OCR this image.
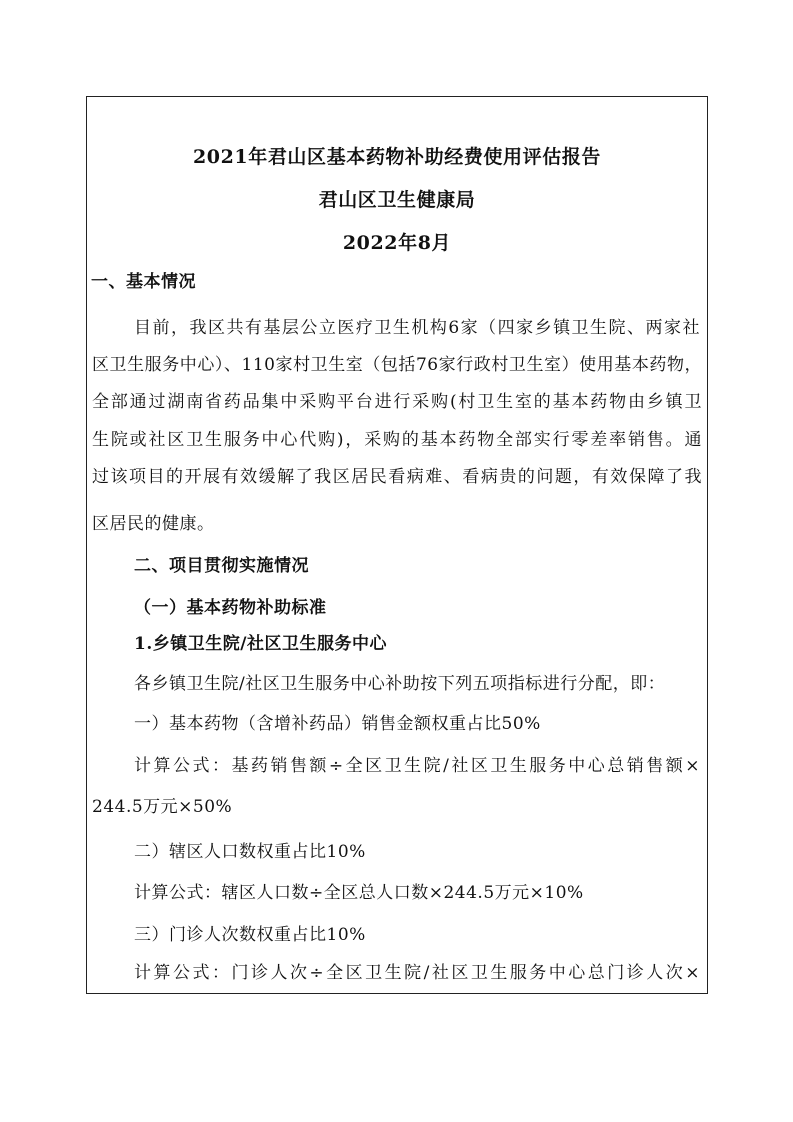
2021年君山区基本药物补助经费使用评估报告
君山区卫生健康局
2022年8月
一、基本情况
目前，我区共有基层公立医疗卫生机构6家（四家乡镇卫生院、两家社
区卫生服务中心）、110家村卫生室（包括76家行政村卫生室）使用基本药物，
全部通过湖南省药品集中采购平台进行采购(村卫生室的基本药物由乡镇卫
生院或社区卫生服务中心代购)，采购的基本药物全部实行零差率销售。通
过该项目的开展有效缓解了我区居民看病难、看病贵的问题，有效保障了我
区居民的健康。
二、项目贯彻实施情况
（一）基本药物补助标准
1.乡镇卫生院/社区卫生服务中心
各乡镇卫生院/社区卫生服务中心补助按下列五项指标进行分配，即：
一）基本药物（含增补药品）销售金额权重占比50%
计算公式：基药销售额÷全区卫生院/社区卫生服务中心总销售额×
244.5万元×50%
二）辖区人口数权重占比10%
计算公式：辖区人口数÷全区总人口数×244.5万元×10%
三）门诊人次数权重占比10%
计算公式：门诊人次÷全区卫生院/社区卫生服务中心总门诊人次×
